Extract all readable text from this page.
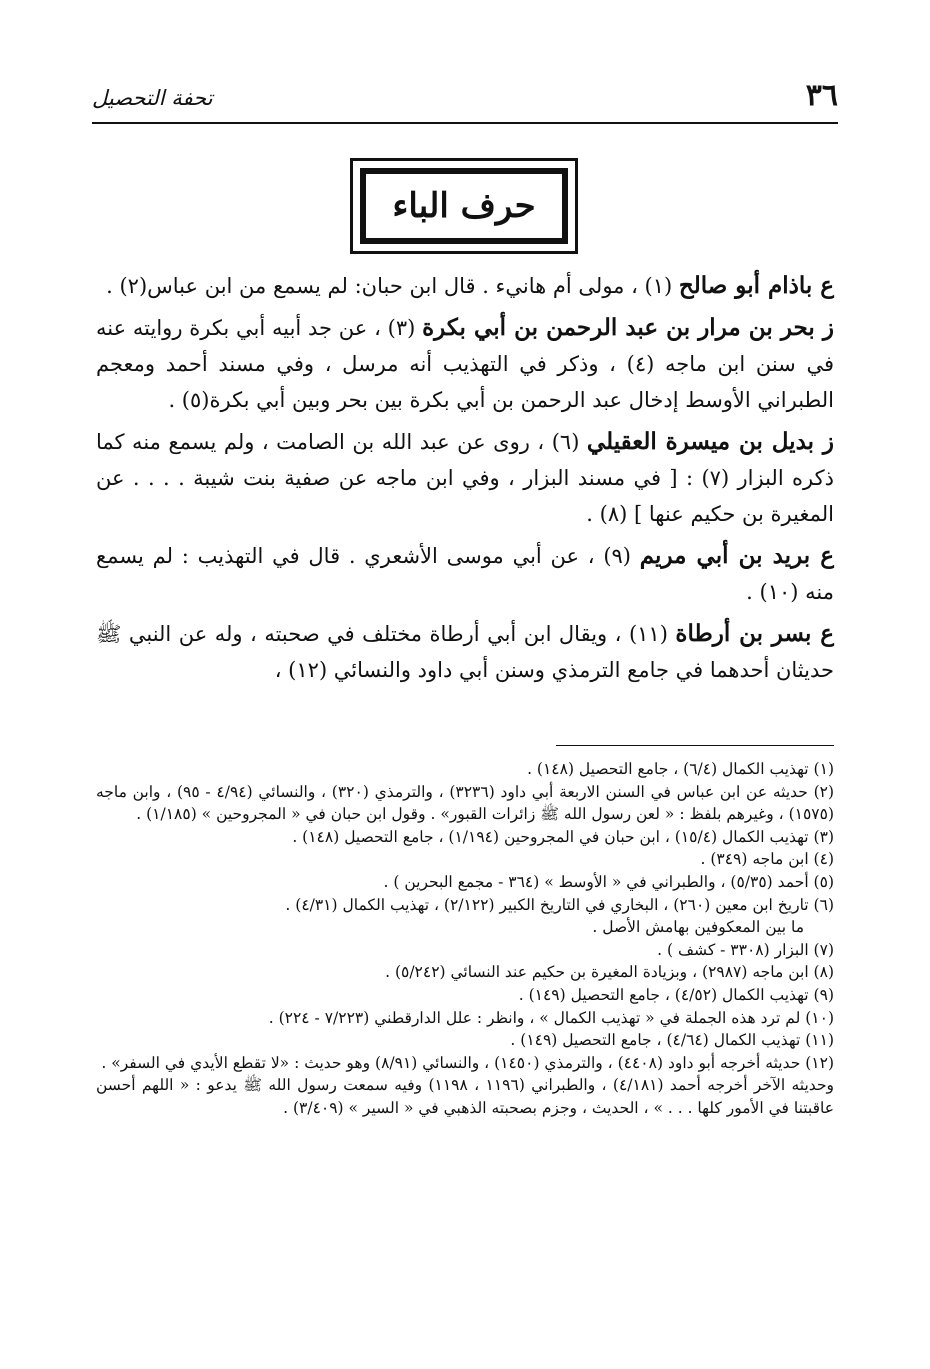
٣٦
تحفة التحصيل
حرف الباء

ع باذام أبو صالح (١) ، مولى أم هانيء . قال ابن حبان: لم يسمع من ابن عباس(٢) .

ز بحر بن مرار بن عبد الرحمن بن أبي بكرة (٣) ، عن جد أبيه أبي بكرة روايته عنه في سنن ابن ماجه (٤) ، وذكر في التهذيب أنه مرسل ، وفي مسند أحمد ومعجم الطبراني الأوسط إدخال عبد الرحمن بن أبي بكرة بين بحر وبين أبي بكرة(٥) .

ز بديل بن ميسرة العقيلي (٦) ، روى عن عبد الله بن الصامت ، ولم يسمع منه كما ذكره البزار (٧) : [ في مسند البزار ، وفي ابن ماجه عن صفية بنت شيبة . . . . عن المغيرة بن حكيم عنها ] (٨) .

ع بريد بن أبي مريم (٩) ، عن أبي موسى الأشعري . قال في التهذيب : لم يسمع منه (١٠) .

ع بسر بن أرطاة (١١) ، ويقال ابن أبي أرطاة مختلف في صحبته ، وله عن النبي ﷺ حديثان أحدهما في جامع الترمذي وسنن أبي داود والنسائي (١٢) ،

(١) تهذيب الكمال (٦/٤) ، جامع التحصيل (١٤٨) .

(٢) حديثه عن ابن عباس في السنن الاربعة أبي داود (٣٢٣٦) ، والترمذي (٣٢٠) ، والنسائي (٤/٩٤ - ٩٥) ، وابن ماجه (١٥٧٥) ، وغيرهم بلفظ : « لعن رسول الله ﷺ زائرات القبور» . وقول ابن حبان في « المجروحين » (١/١٨٥) .

(٣) تهذيب الكمال (١٥/٤) ، ابن حبان في المجروحين (١/١٩٤) ، جامع التحصيل (١٤٨) .

(٤) ابن ماجه (٣٤٩) .

(٥) أحمد (٥/٣٥) ، والطبراني في « الأوسط » (٣٦٤ - مجمع البحرين ) .

(٦) تاريخ ابن معين (٢٦٠) ، البخاري في التاريخ الكبير (٢/١٢٢) ، تهذيب الكمال (٤/٣١) .

ما بين المعكوفين بهامش الأصل .

(٧) البزار (٣٣٠٨ - كشف ) .

(٨) ابن ماجه (٢٩٨٧) ، وبزيادة المغيرة بن حكيم عند النسائي (٥/٢٤٢) .

(٩) تهذيب الكمال (٤/٥٢) ، جامع التحصيل (١٤٩) .

(١٠) لم ترد هذه الجملة في « تهذيب الكمال » ، وانظر : علل الدارقطني (٧/٢٢٣ - ٢٢٤) .

(١١) تهذيب الكمال (٤/٦٤) ، جامع التحصيل (١٤٩) .

(١٢) حديثه أخرجه أبو داود (٤٤٠٨) ، والترمذي (١٤٥٠) ، والنسائي (٨/٩١) وهو حديث : «لا تقطع الأيدي في السفر» .

وحديثه الآخر أخرجه أحمد (٤/١٨١) ، والطبراني (١١٩٦ ، ١١٩٨) وفيه سمعت رسول الله ﷺ يدعو : « اللهم أحسن عاقبتنا في الأمور كلها . . . » ، الحديث ، وجزم بصحبته الذهبي في « السير » (٣/٤٠٩) .
